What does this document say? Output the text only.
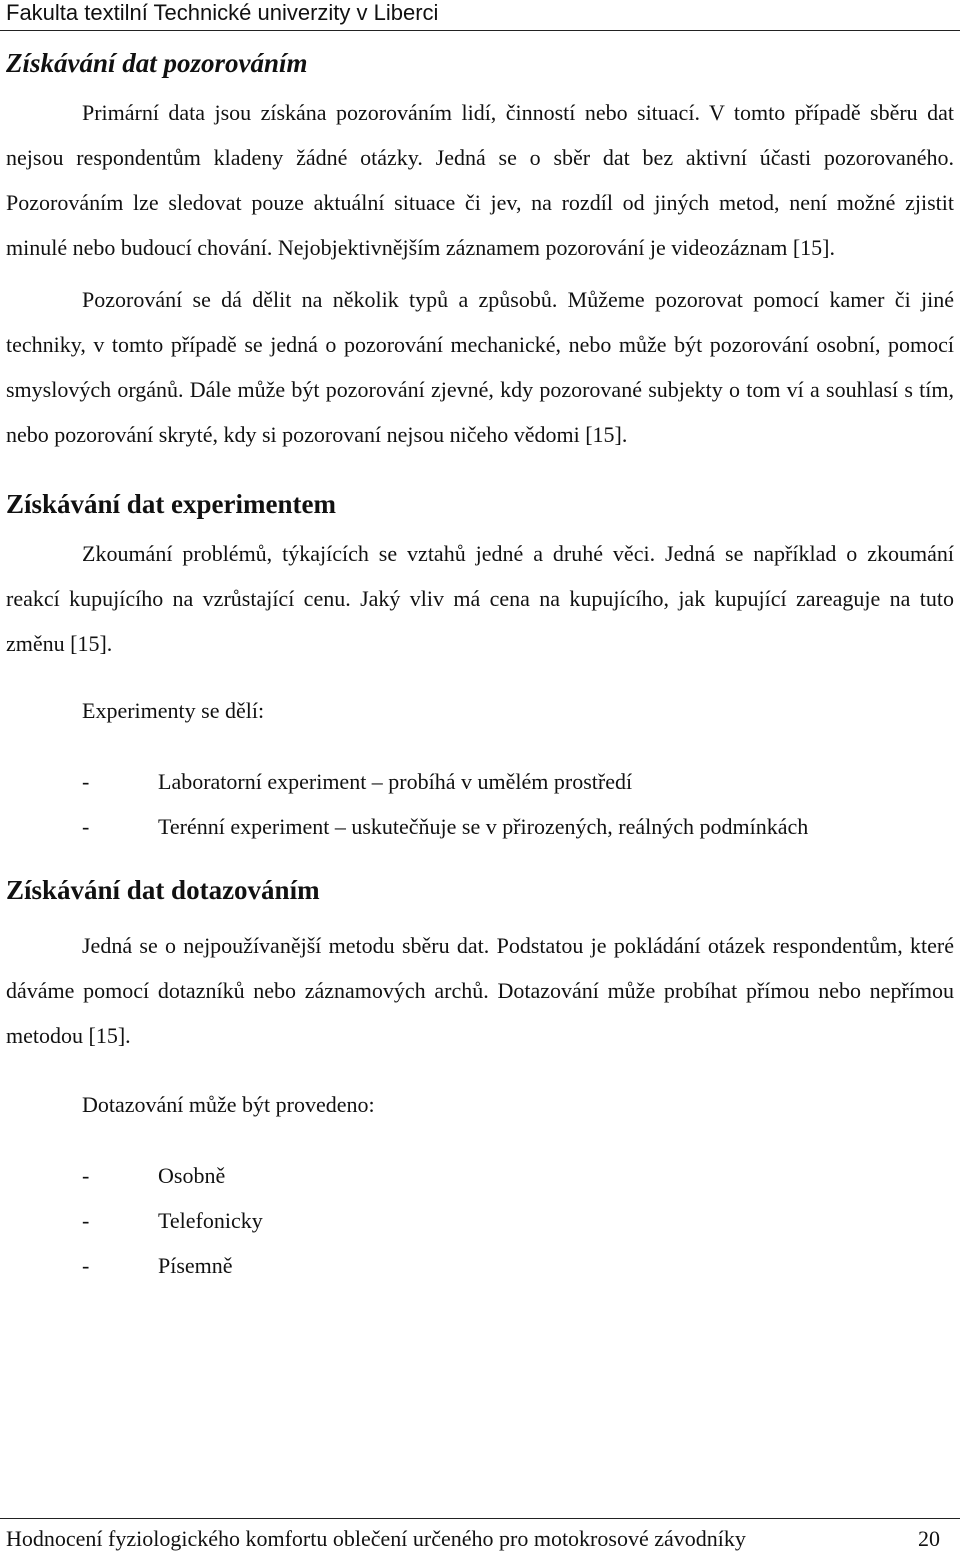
Fakulta textilní Technické univerzity v Liberci
Získávání dat pozorováním

Primární data jsou získána pozorováním lidí, činností nebo situací. V tomto případě sběru dat nejsou respondentům kladeny žádné otázky. Jedná se o sběr dat bez aktivní účasti pozorovaného. Pozorováním lze sledovat pouze aktuální situace či jev, na rozdíl od jiných metod, není možné zjistit minulé nebo budoucí chování. Nejobjektivnějším záznamem pozorování je videozáznam [15].

Pozorování se dá dělit na několik typů a způsobů. Můžeme pozorovat pomocí kamer či jiné techniky, v tomto případě se jedná o pozorování mechanické, nebo může být pozorování osobní, pomocí smyslových orgánů. Dále může být pozorování zjevné, kdy pozorované subjekty o tom ví a souhlasí s tím, nebo pozorování skryté, kdy si pozorovaní nejsou ničeho vědomi [15].

Získávání dat experimentem

Zkoumání problémů, týkajících se vztahů jedné a druhé věci. Jedná se například o zkoumání reakcí kupujícího na vzrůstající cenu. Jaký vliv má cena na kupujícího, jak kupující zareaguje na tuto změnu [15].

Experimenty se dělí:

-	Laboratorní experiment – probíhá v umělém prostředí
-	Terénní experiment – uskutečňuje se v přirozených, reálných podmínkách
Získávání dat dotazováním

Jedná se o nejpoužívanější metodu sběru dat. Podstatou je pokládání otázek respondentům, které dáváme pomocí dotazníků nebo záznamových archů. Dotazování může probíhat přímou nebo nepřímou metodou [15].

Dotazování může být provedeno:

-	Osobně
-	Telefonicky
-	Písemně
Hodnocení fyziologického komfortu oblečení určeného pro motokrosové závodníky	20
